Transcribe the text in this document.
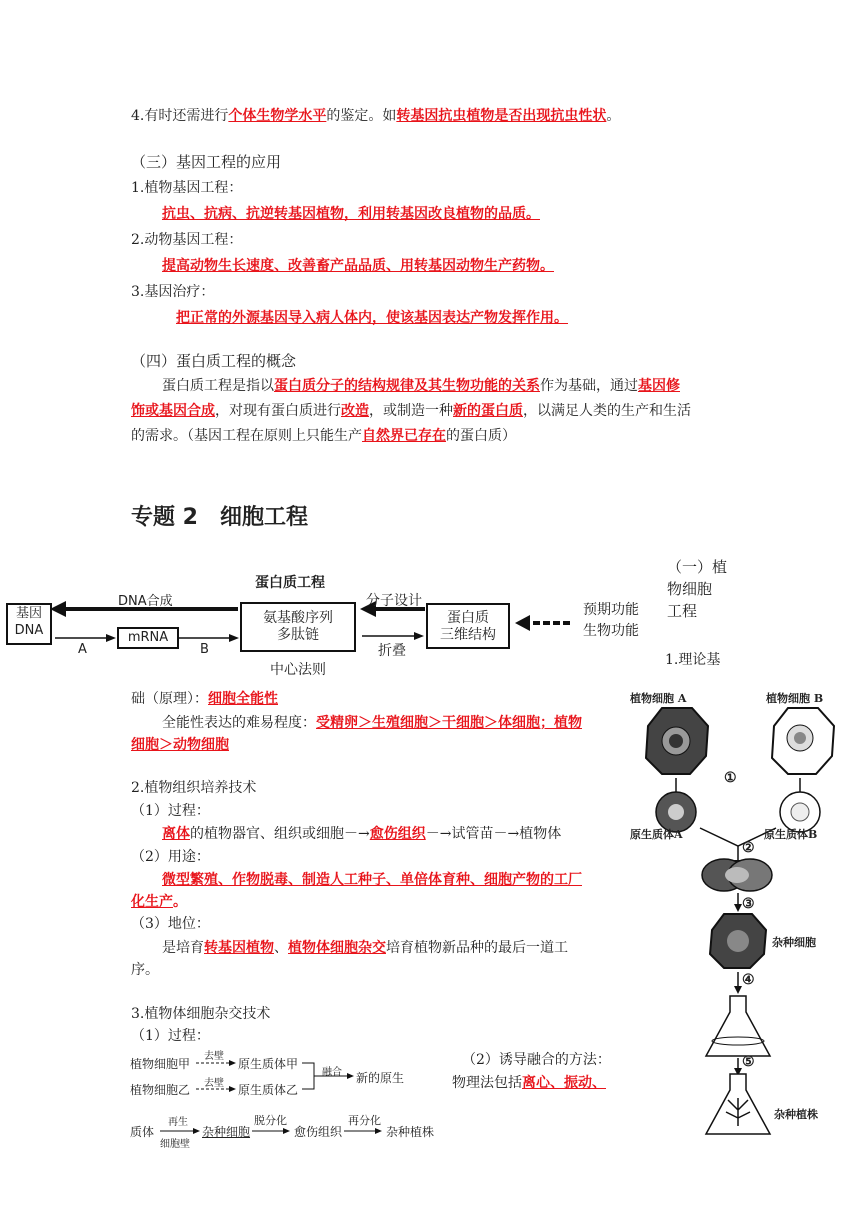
4.有时还需进行个体生物学水平的鉴定。如转基因抗虫植物是否出现抗虫性状。
（三）基因工程的应用
1.植物基因工程：
抗虫、抗病、抗逆转基因植物，利用转基因改良植物的品质。
2.动物基因工程：
提高动物生长速度、改善畜产品品质、用转基因动物生产药物。
3.基因治疗：
把正常的外源基因导入病人体内，使该基因表达产物发挥作用。
（四）蛋白质工程的概念
蛋白质工程是指以蛋白质分子的结构规律及其生物功能的关系作为基础，通过基因修
饰或基因合成，对现有蛋白质进行改造，或制造一种新的蛋白质，以满足人类的生产和生活
的需求。（基因工程在原则上只能生产自然界已存在的蛋白质）
专题 2　细胞工程
蛋白质工程
基因
DNA
DNA合成
mRNA
A	B
氨基酸序列
多肽链
中心法则
分子设计
折叠
蛋白质
三维结构
预期功能
生物功能
（一）植
物细胞
工程
1.理论基
础（原理）：细胞全能性
全能性表达的难易程度：受精卵＞生殖细胞＞干细胞＞体细胞；植物
细胞＞动物细胞
2.植物组织培养技术
（1）过程：
离体的植物器官、组织或细胞－→愈伤组织－→试管苗－→植物体
（2）用途：
微型繁殖、作物脱毒、制造人工种子、单倍体育种、细胞产物的工厂
化生产。
（3）地位：
是培育转基因植物、植物体细胞杂交培育植物新品种的最后一道工
序。
3.植物体细胞杂交技术
（1）过程：
（2）诱导融合的方法：
物理法包括离心、振动、
植物细胞甲
植物细胞乙
去壁
去壁
原生质体甲
原生质体乙
融合 新的原生
质体
再生
细胞壁
杂种细胞
脱分化
愈伤组织
再分化
杂种植株
植物细胞 A	植物细胞 B
①
原生质体A	原生质体B
②
③
杂种细胞
④
⑤
杂种植株
